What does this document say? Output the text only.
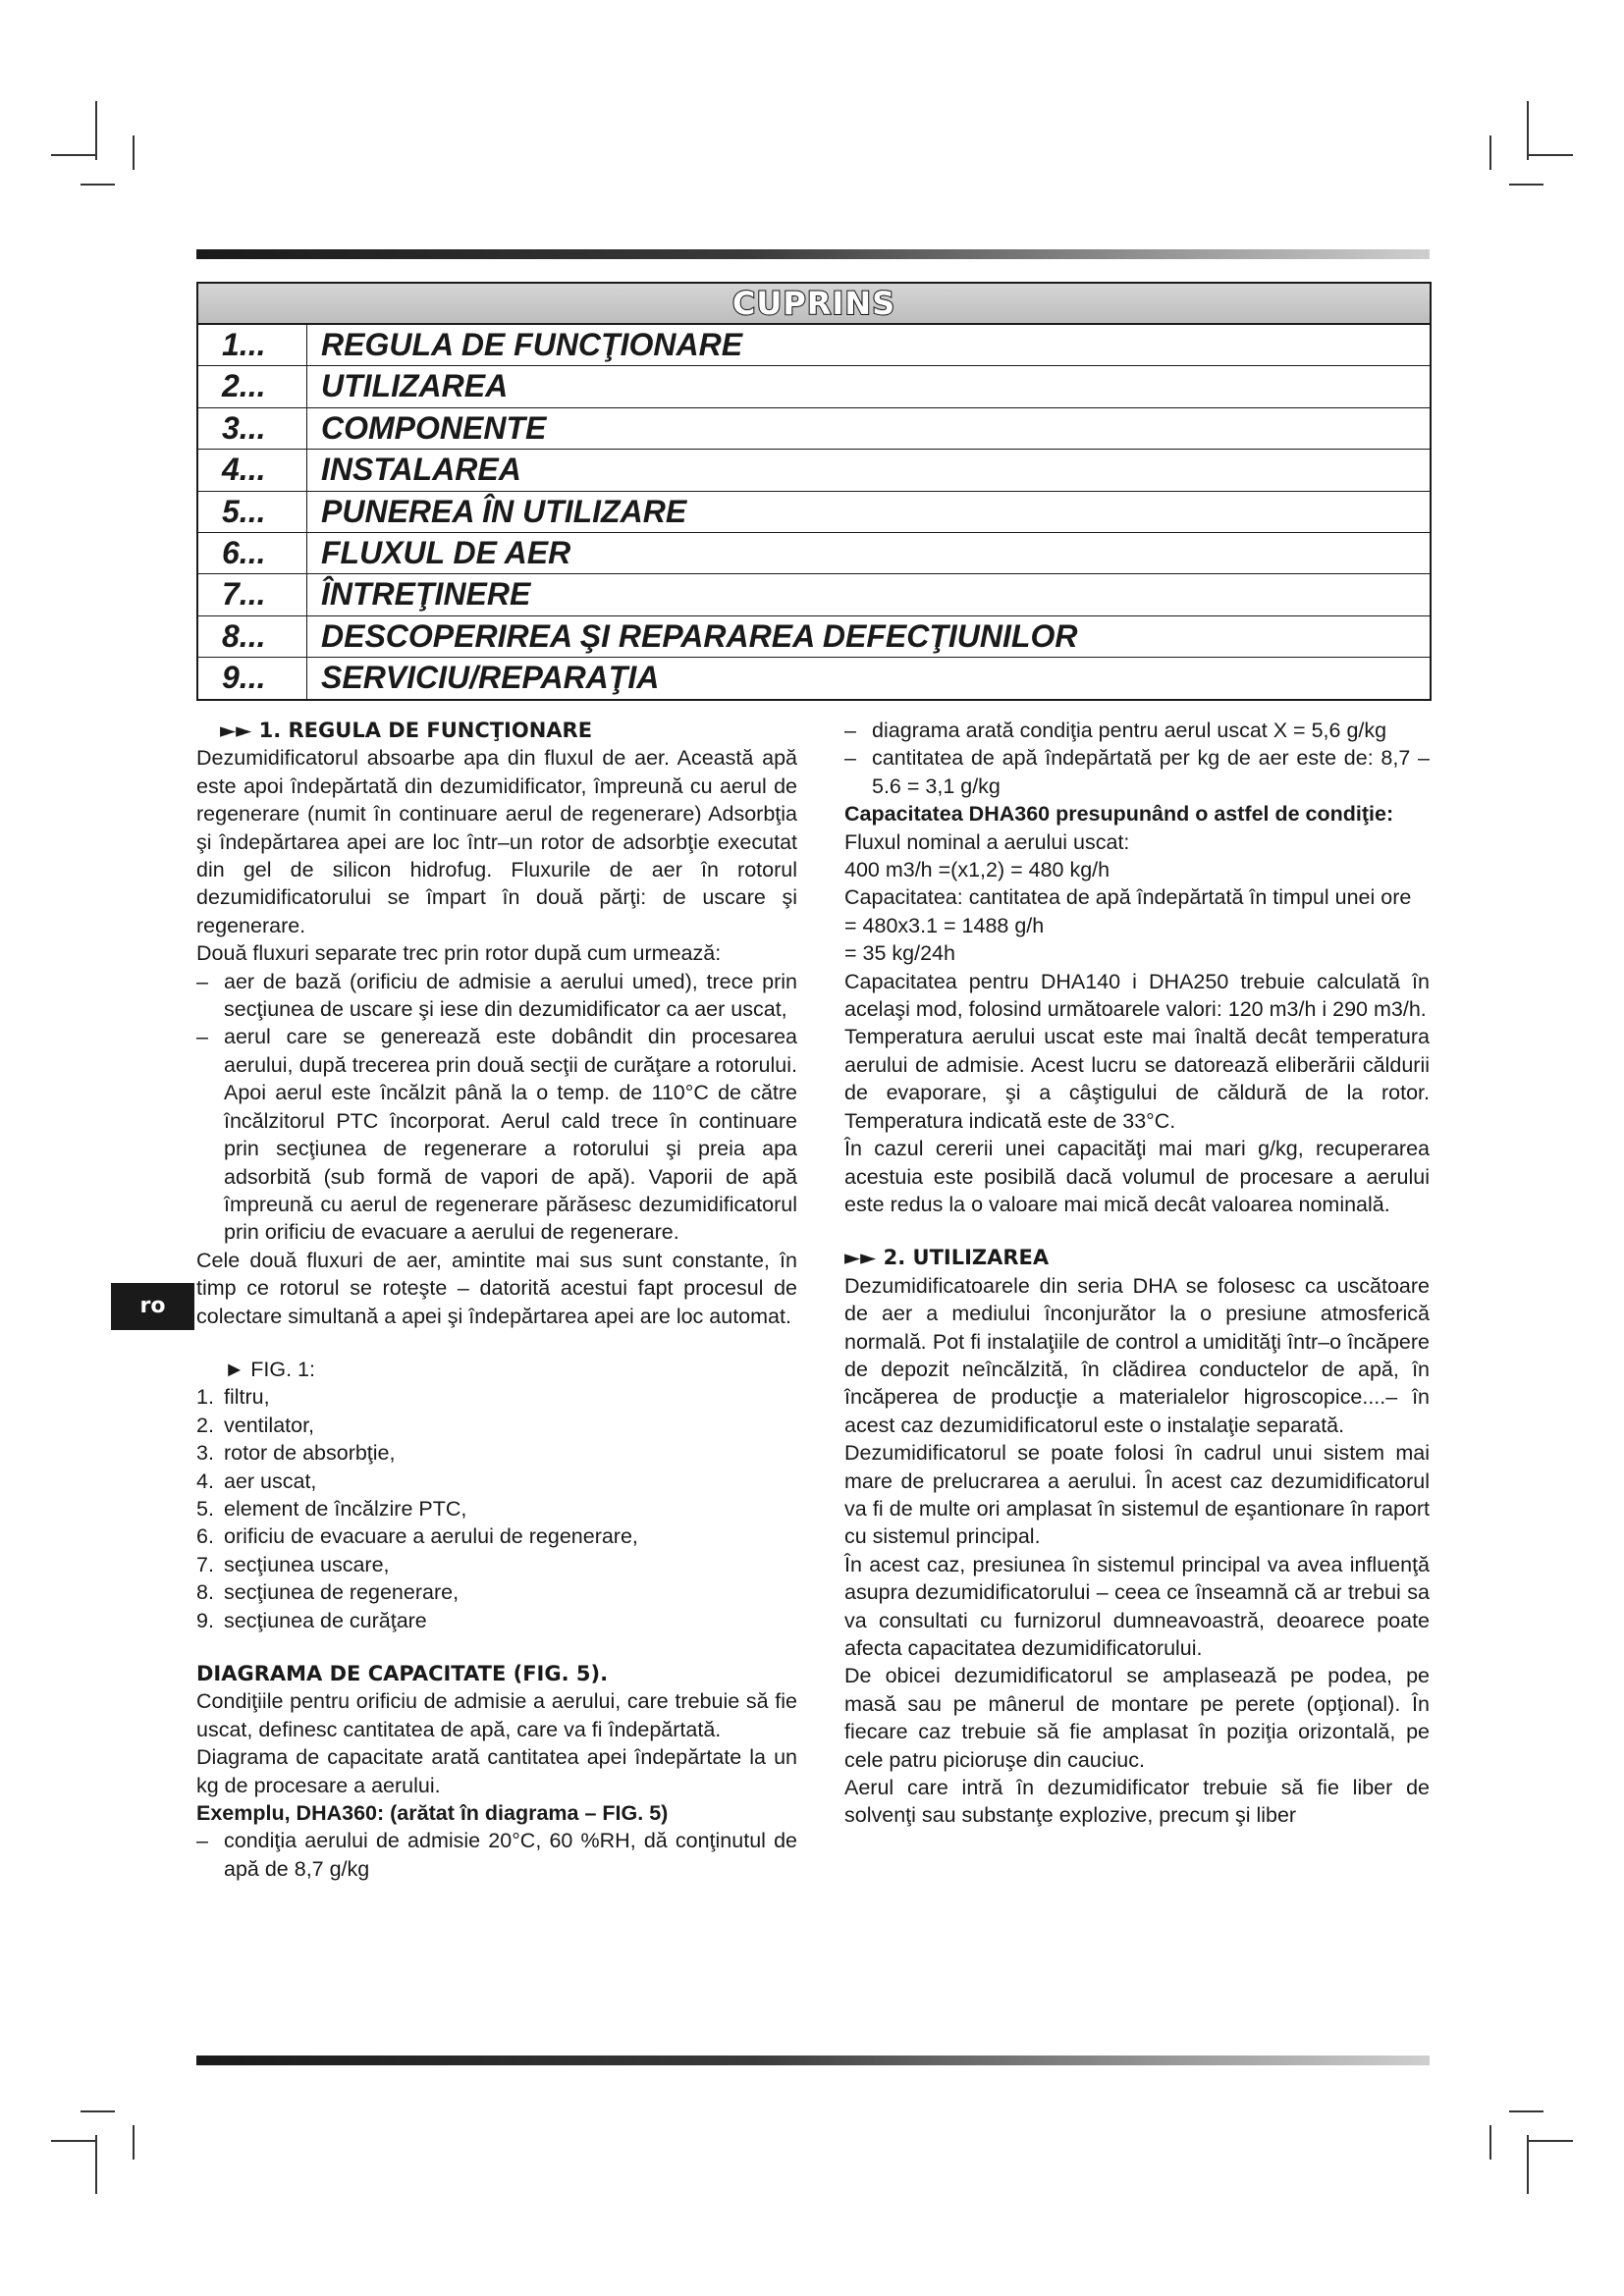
CUPRINS
1...	REGULA DE FUNCŢIONARE
2...	UTILIZAREA
3...	COMPONENTE
4...	INSTALAREA
5...	PUNEREA ÎN UTILIZARE
6...	FLUXUL DE AER
7...	ÎNTREŢINERE
8...	DESCOPERIREA ŞI REPARAREA DEFECŢIUNILOR
9...	SERVICIU/REPARAŢIA
ro

►► 1. REGULA DE FUNCŢIONARE

Dezumidificatorul absoarbe apa din fluxul de aer. Această apă este apoi îndepărtată din dezumidificator, împreună cu aerul de regenerare (numit în continuare aerul de regenerare) Adsorbţia şi îndepărtarea apei are loc într–un rotor de adsorbţie executat din gel de silicon hidrofug. Fluxurile de aer în rotorul dezumidificatorului se împart în două părţi: de uscare şi regenerare.

Două fluxuri separate trec prin rotor după cum urmează:

– aer de bază (orificiu de admisie a aerului umed), trece prin secţiunea de uscare şi iese din dezumidificator ca aer uscat,
– aerul care se generează este dobândit din procesarea aerului, după trecerea prin două secţii de curăţare a rotorului. Apoi aerul este încălzit până la o temp. de 110°C de către încălzitorul PTC încorporat. Aerul cald trece în continuare prin secţiunea de regenerare a rotorului şi preia apa adsorbită (sub formă de vapori de apă). Vaporii de apă împreună cu aerul de regenerare părăsesc dezumidificatorul prin orificiu de evacuare a aerului de regenerare.

Cele două fluxuri de aer, amintite mai sus sunt constante, în timp ce rotorul se roteşte – datorită acestui fapt procesul de colectare simultană a apei şi îndepărtarea apei are loc automat.

► FIG. 1:

1. filtru,
2. ventilator,
3. rotor de absorbţie,
4. aer uscat,
5. element de încălzire PTC,
6. orificiu de evacuare a aerului de regenerare,
7. secţiunea uscare,
8. secţiunea de regenerare,
9. secţiunea de curăţare

DIAGRAMA DE CAPACITATE (FIG. 5).

Condiţiile pentru orificiu de admisie a aerului, care trebuie să fie uscat, definesc cantitatea de apă, care va fi îndepărtată.

Diagrama de capacitate arată cantitatea apei îndepărtate la un kg de procesare a aerului.

Exemplu, DHA360: (arătat în diagrama – FIG. 5)

– condiţia aerului de admisie 20°C, 60 %RH, dă conţinutul de apă de 8,7 g/kg
– diagrama arată condiţia pentru aerul uscat X = 5,6 g/kg
– cantitatea de apă îndepărtată per kg de aer este de: 8,7 – 5.6 = 3,1 g/kg

Capacitatea DHA360 presupunând o astfel de condiţie:

Fluxul nominal a aerului uscat:

400 m3/h =(x1,2) = 480 kg/h

Capacitatea: cantitatea de apă îndepărtată în timpul unei ore

= 480x3.1 = 1488 g/h

= 35 kg/24h

Capacitatea pentru DHA140 i DHA250 trebuie calculată în acelaşi mod, folosind următoarele valori: 120 m3/h i 290 m3/h.

Temperatura aerului uscat este mai înaltă decât temperatura aerului de admisie. Acest lucru se datorează eliberării căldurii de evaporare, şi a câştigului de căldură de la rotor. Temperatura indicată este de 33°C.

În cazul cererii unei capacităţi mai mari g/kg, recuperarea acestuia este posibilă dacă volumul de procesare a aerului este redus la o valoare mai mică decât valoarea nominală.

►► 2. UTILIZAREA

Dezumidificatoarele din seria DHA se folosesc ca uscătoare de aer a mediului înconjurător la o presiune atmosferică normală. Pot fi instalaţiile de control a umidităţi într–o încăpere de depozit neîncălzită, în clădirea conductelor de apă, în încăperea de producţie a materialelor higroscopice....– în acest caz dezumidificatorul este o instalaţie separată.

Dezumidificatorul se poate folosi în cadrul unui sistem mai mare de prelucrarea a aerului. În acest caz dezumidificatorul va fi de multe ori amplasat în sistemul de eşantionare în raport cu sistemul principal.

În acest caz, presiunea în sistemul principal va avea influenţă asupra dezumidificatorului – ceea ce înseamnă că ar trebui sa va consultati cu furnizorul dumneavoastră, deoarece poate afecta capacitatea dezumidificatorului.

De obicei dezumidificatorul se amplasează pe podea, pe masă sau pe mânerul de montare pe perete (opţional). În fiecare caz trebuie să fie amplasat în poziţia orizontală, pe cele patru picioruşe din cauciuc.

Aerul care intră în dezumidificator trebuie să fie liber de solvenţi sau substanţe explozive, precum şi liber
